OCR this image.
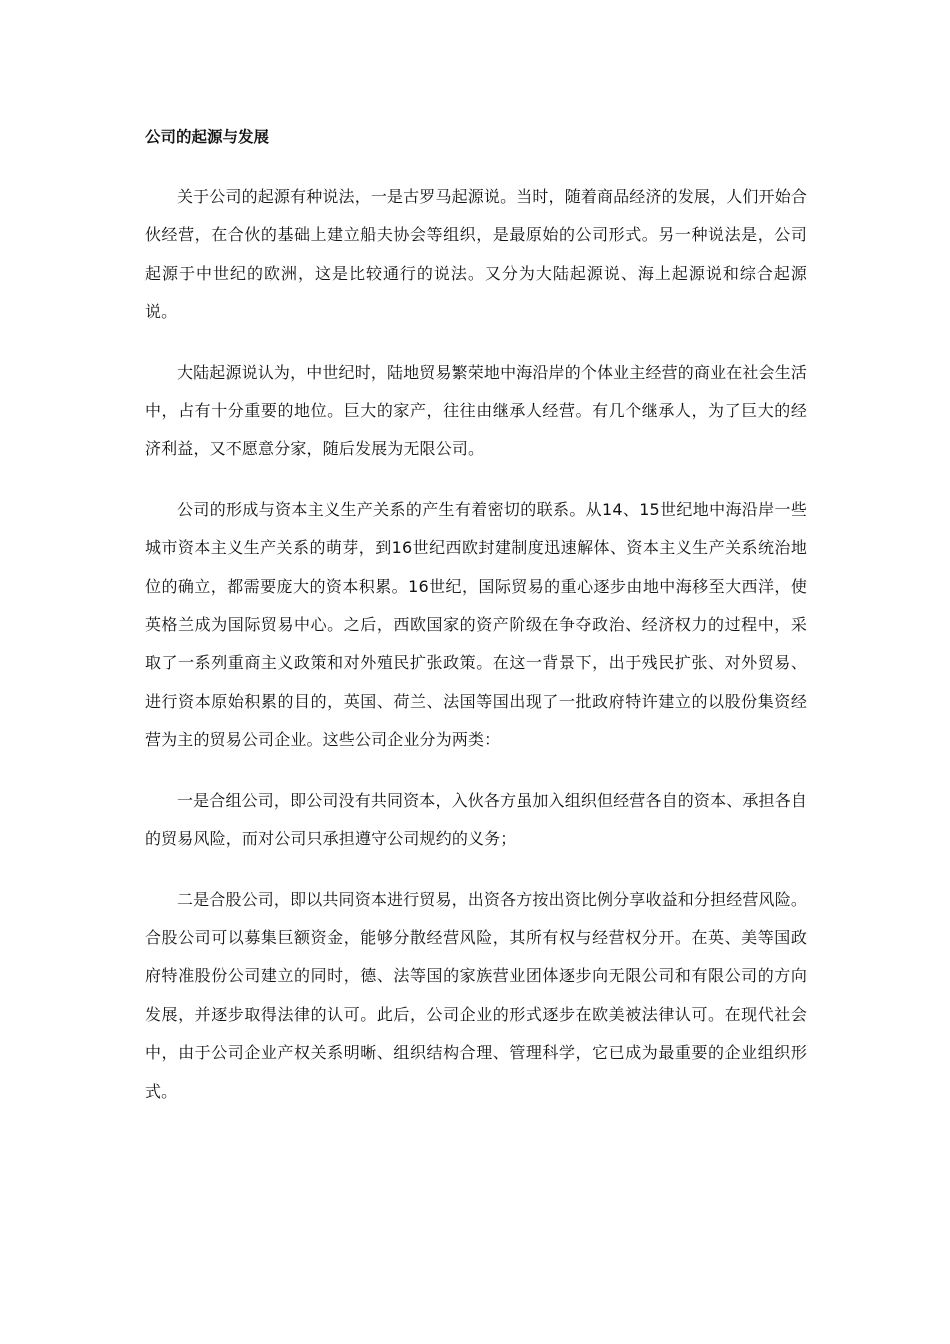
公司的起源与发展

关于公司的起源有种说法，一是古罗马起源说。当时，随着商品经济的发展，人们开始合伙经营，在合伙的基础上建立船夫协会等组织，是最原始的公司形式。另一种说法是，公司起源于中世纪的欧洲，这是比较通行的说法。又分为大陆起源说、海上起源说和综合起源说。

大陆起源说认为，中世纪时，陆地贸易繁荣地中海沿岸的个体业主经营的商业在社会生活中，占有十分重要的地位。巨大的家产，往往由继承人经营。有几个继承人，为了巨大的经济利益，又不愿意分家，随后发展为无限公司。

公司的形成与资本主义生产关系的产生有着密切的联系。从14、15世纪地中海沿岸一些城市资本主义生产关系的萌芽，到16世纪西欧封建制度迅速解体、资本主义生产关系统治地位的确立，都需要庞大的资本积累。16世纪，国际贸易的重心逐步由地中海移至大西洋，使英格兰成为国际贸易中心。之后，西欧国家的资产阶级在争夺政治、经济权力的过程中，采取了一系列重商主义政策和对外殖民扩张政策。在这一背景下，出于残民扩张、对外贸易、进行资本原始积累的目的，英国、荷兰、法国等国出现了一批政府特许建立的以股份集资经营为主的贸易公司企业。这些公司企业分为两类：

一是合组公司，即公司没有共同资本，入伙各方虽加入组织但经营各自的资本、承担各自的贸易风险，而对公司只承担遵守公司规约的义务；

二是合股公司，即以共同资本进行贸易，出资各方按出资比例分享收益和分担经营风险。合股公司可以募集巨额资金，能够分散经营风险，其所有权与经营权分开。在英、美等国政府特准股份公司建立的同时，德、法等国的家族营业团体逐步向无限公司和有限公司的方向发展，并逐步取得法律的认可。此后，公司企业的形式逐步在欧美被法律认可。在现代社会中，由于公司企业产权关系明晰、组织结构合理、管理科学，它已成为最重要的企业组织形式。
